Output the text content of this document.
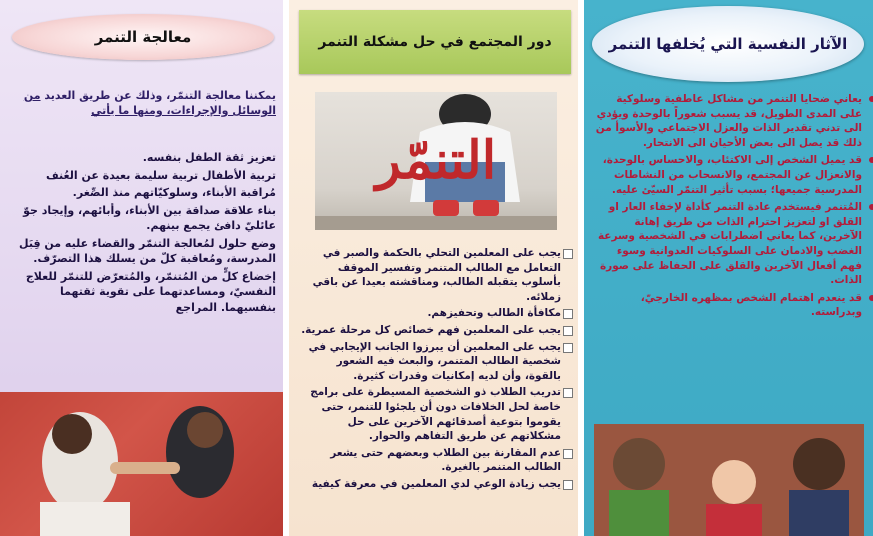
معالجة التنمر
يمكننا معالجة التنمّر، وذلك عن طريق العديد من الوسائل والإجراءات، ومنها ما يأتي
تعزيز ثقة الطفل بنفسه.
تربية الأطفال تربية سليمة بعيدة عن العُنف
مُراقبة الأبناء، وسلوكيّاتهم منذ الصِّغر.
بناء علاقة صداقة بين الأبناء، وأبائهم، وإيجاد جوّ عائليّ دافئ يجمع بينهم.
وضع حلول لمُعالجة التنمّر والقضاء عليه من قِبَل المدرسة، ومُعاقبة كلّ من يسلك هذا التصرّف.
إخضاع كلٍّ من المُتنمّر، والمُتعرّض للتنمّر للعلاج النفسيّ، ومساعدتهما على تقوية ثقتهما بنفسيهما. المراجع
دور المجتمع في حل مشكلة التنمر
التنمّر
يجب على المعلمين التحلي بالحكمة والصبر في التعامل مع الطالب المتنمر وتفسير الموقف بأسلوب يتقبله الطالب، ومناقشته بعيدا عن باقي زملائه.
مكافأة الطالب وتحفيزهم.
يجب على المعلمين فهم خصائص كل مرحلة عمرية.
يجب على المعلمين أن يبرزوا الجانب الإيجابي في شخصية الطالب المتنمر، والبعث فيه الشعور بالقوة، وأن لديه إمكانيات وقدرات كثيرة.
تدريب الطلاب ذو الشخصية المسيطرة على برامج خاصة لحل الخلافات دون أن يلجئوا للتنمر، حتى يقوموا بتوعية أصدقائهم الآخرين على حل مشكلاتهم عن طريق التفاهم والحوار.
عدم المقارنة بين الطلاب وبعضهم حتى يشعر الطالب المتنمر بالغيرة.
يجب زيادة الوعي لدي المعلمين في معرفة كيفية
الآثار النفسية التي يُخلفها التنمر
يعاني ضحايا التنمر من مشاكل عاطفية وسلوكية على المدى الطويل، قد يسبب شعوراً بالوحدة ويؤدي الى تدني تقدير الذات والعزل الاجتماعي والأسوأ من ذلك قد يصل الى بعض الأحيان الى الانتحار.
قد يميل الشخص إلى الاكتئاب، والاحساس بالوحدة، والانعزال عن المجتمع، والانسحاب من النشاطات المدرسية جميعها؛ بسبب تأثير التنمّر السيّئ عليه.
المُتنمر فيستخدم عادة التنمر كأداة لإخفاء العار او القلق او لتعزيز احترام الذات من طريق إهانة الآخرين، كما يعاني اضطرابات في الشخصية وسرعة الغضب والادمان على السلوكيات العدوانية وسوء فهم أفعال الآخرين والقلق على الحفاظ على صورة الذات.
قد ينعدم اهتمام الشخص بمظهره الخارجيّ، وبدراسته.
